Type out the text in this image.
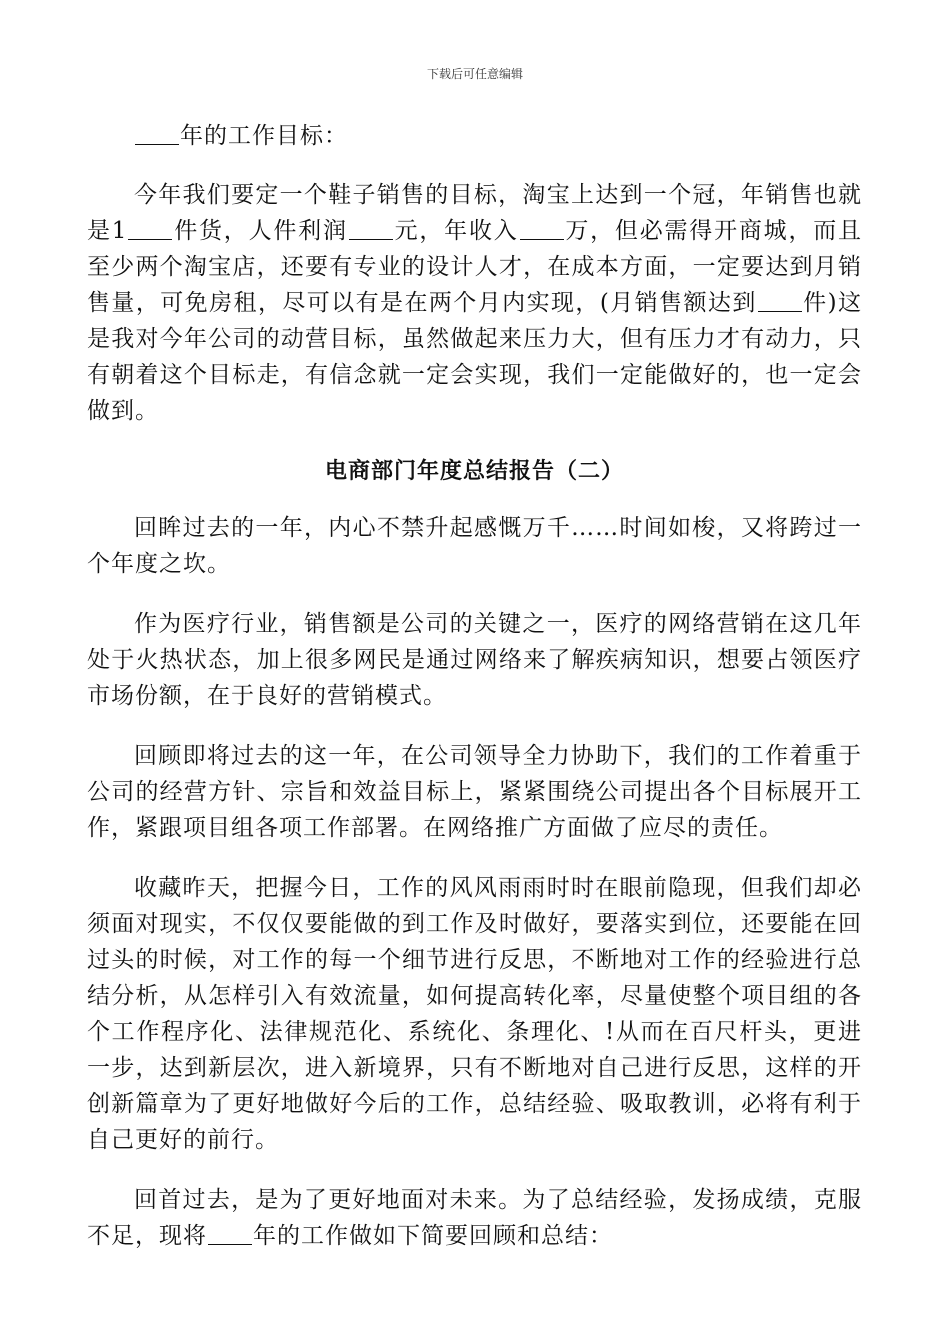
下载后可任意编辑

年的工作目标：

今年我们要定一个鞋子销售的目标，淘宝上达到一个冠，年销售也就是1 件货，人件利润 元，年收入 万，但必需得开商城，而且至少两个淘宝店，还要有专业的设计人才，在成本方面，一定要达到月销售量，可免房租，尽可以有是在两个月内实现，(月销售额达到 件)这是我对今年公司的动营目标，虽然做起来压力大，但有压力才有动力，只有朝着这个目标走，有信念就一定会实现，我们一定能做好的，也一定会做到。

电商部门年度总结报告（二）

回眸过去的一年，内心不禁升起感慨万千……时间如梭，又将跨过一个年度之坎。

作为医疗行业，销售额是公司的关键之一，医疗的网络营销在这几年处于火热状态，加上很多网民是通过网络来了解疾病知识，想要占领医疗市场份额，在于良好的营销模式。

回顾即将过去的这一年，在公司领导全力协助下，我们的工作着重于公司的经营方针、宗旨和效益目标上，紧紧围绕公司提出各个目标展开工作，紧跟项目组各项工作部署。在网络推广方面做了应尽的责任。

收藏昨天，把握今日，工作的风风雨雨时时在眼前隐现，但我们却必须面对现实，不仅仅要能做的到工作及时做好，要落实到位，还要能在回过头的时候，对工作的每一个细节进行反思，不断地对工作的经验进行总结分析，从怎样引入有效流量，如何提高转化率，尽量使整个项目组的各个工作程序化、法律规范化、系统化、条理化、!从而在百尺杆头，更进一步，达到新层次，进入新境界，只有不断地对自己进行反思，这样的开创新篇章为了更好地做好今后的工作，总结经验、吸取教训，必将有利于自己更好的前行。

回首过去，是为了更好地面对未来。为了总结经验，发扬成绩，克服不足，现将 年的工作做如下简要回顾和总结：
